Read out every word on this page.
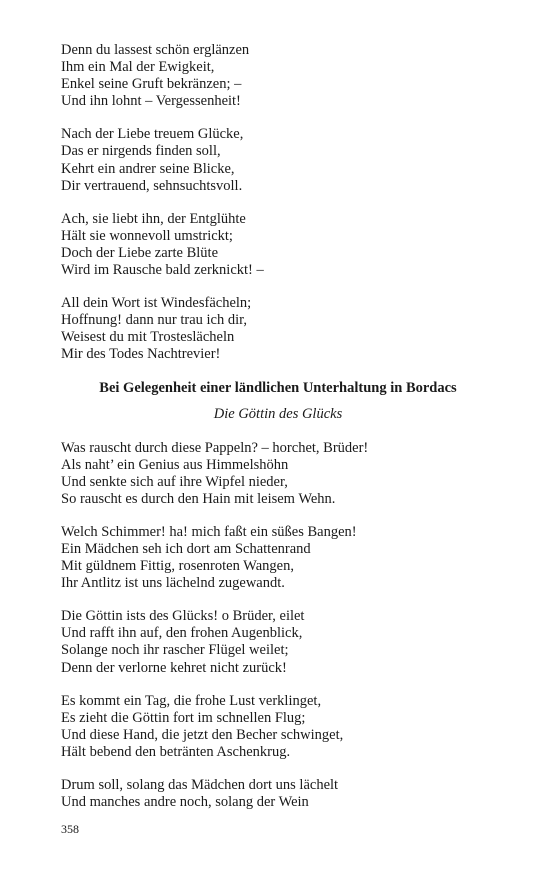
Denn du lassest schön erglänzen
Ihm ein Mal der Ewigkeit,
Enkel seine Gruft bekränzen; –
Und ihn lohnt – Vergessenheit!
Nach der Liebe treuem Glücke,
Das er nirgends finden soll,
Kehrt ein andrer seine Blicke,
Dir vertrauend, sehnsuchtsvoll.
Ach, sie liebt ihn, der Entglühte
Hält sie wonnevoll umstrickt;
Doch der Liebe zarte Blüte
Wird im Rausche bald zerknickt! –
All dein Wort ist Windesfächeln;
Hoffnung! dann nur trau ich dir,
Weisest du mit Trosteslächeln
Mir des Todes Nachtrevier!
Bei Gelegenheit einer ländlichen Unterhaltung in Bordacs
Die Göttin des Glücks
Was rauscht durch diese Pappeln? – horchet, Brüder!
Als naht’ ein Genius aus Himmelshöhn
Und senkte sich auf ihre Wipfel nieder,
So rauscht es durch den Hain mit leisem Wehn.
Welch Schimmer! ha! mich faßt ein süßes Bangen!
Ein Mädchen seh ich dort am Schattenrand
Mit güldnem Fittig, rosenroten Wangen,
Ihr Antlitz ist uns lächelnd zugewandt.
Die Göttin ists des Glücks! o Brüder, eilet
Und rafft ihn auf, den frohen Augenblick,
Solange noch ihr rascher Flügel weilet;
Denn der verlorne kehret nicht zurück!
Es kommt ein Tag, die frohe Lust verklinget,
Es zieht die Göttin fort im schnellen Flug;
Und diese Hand, die jetzt den Becher schwinget,
Hält bebend den betränten Aschenkrug.
Drum soll, solang das Mädchen dort uns lächelt
Und manches andre noch, solang der Wein
358
